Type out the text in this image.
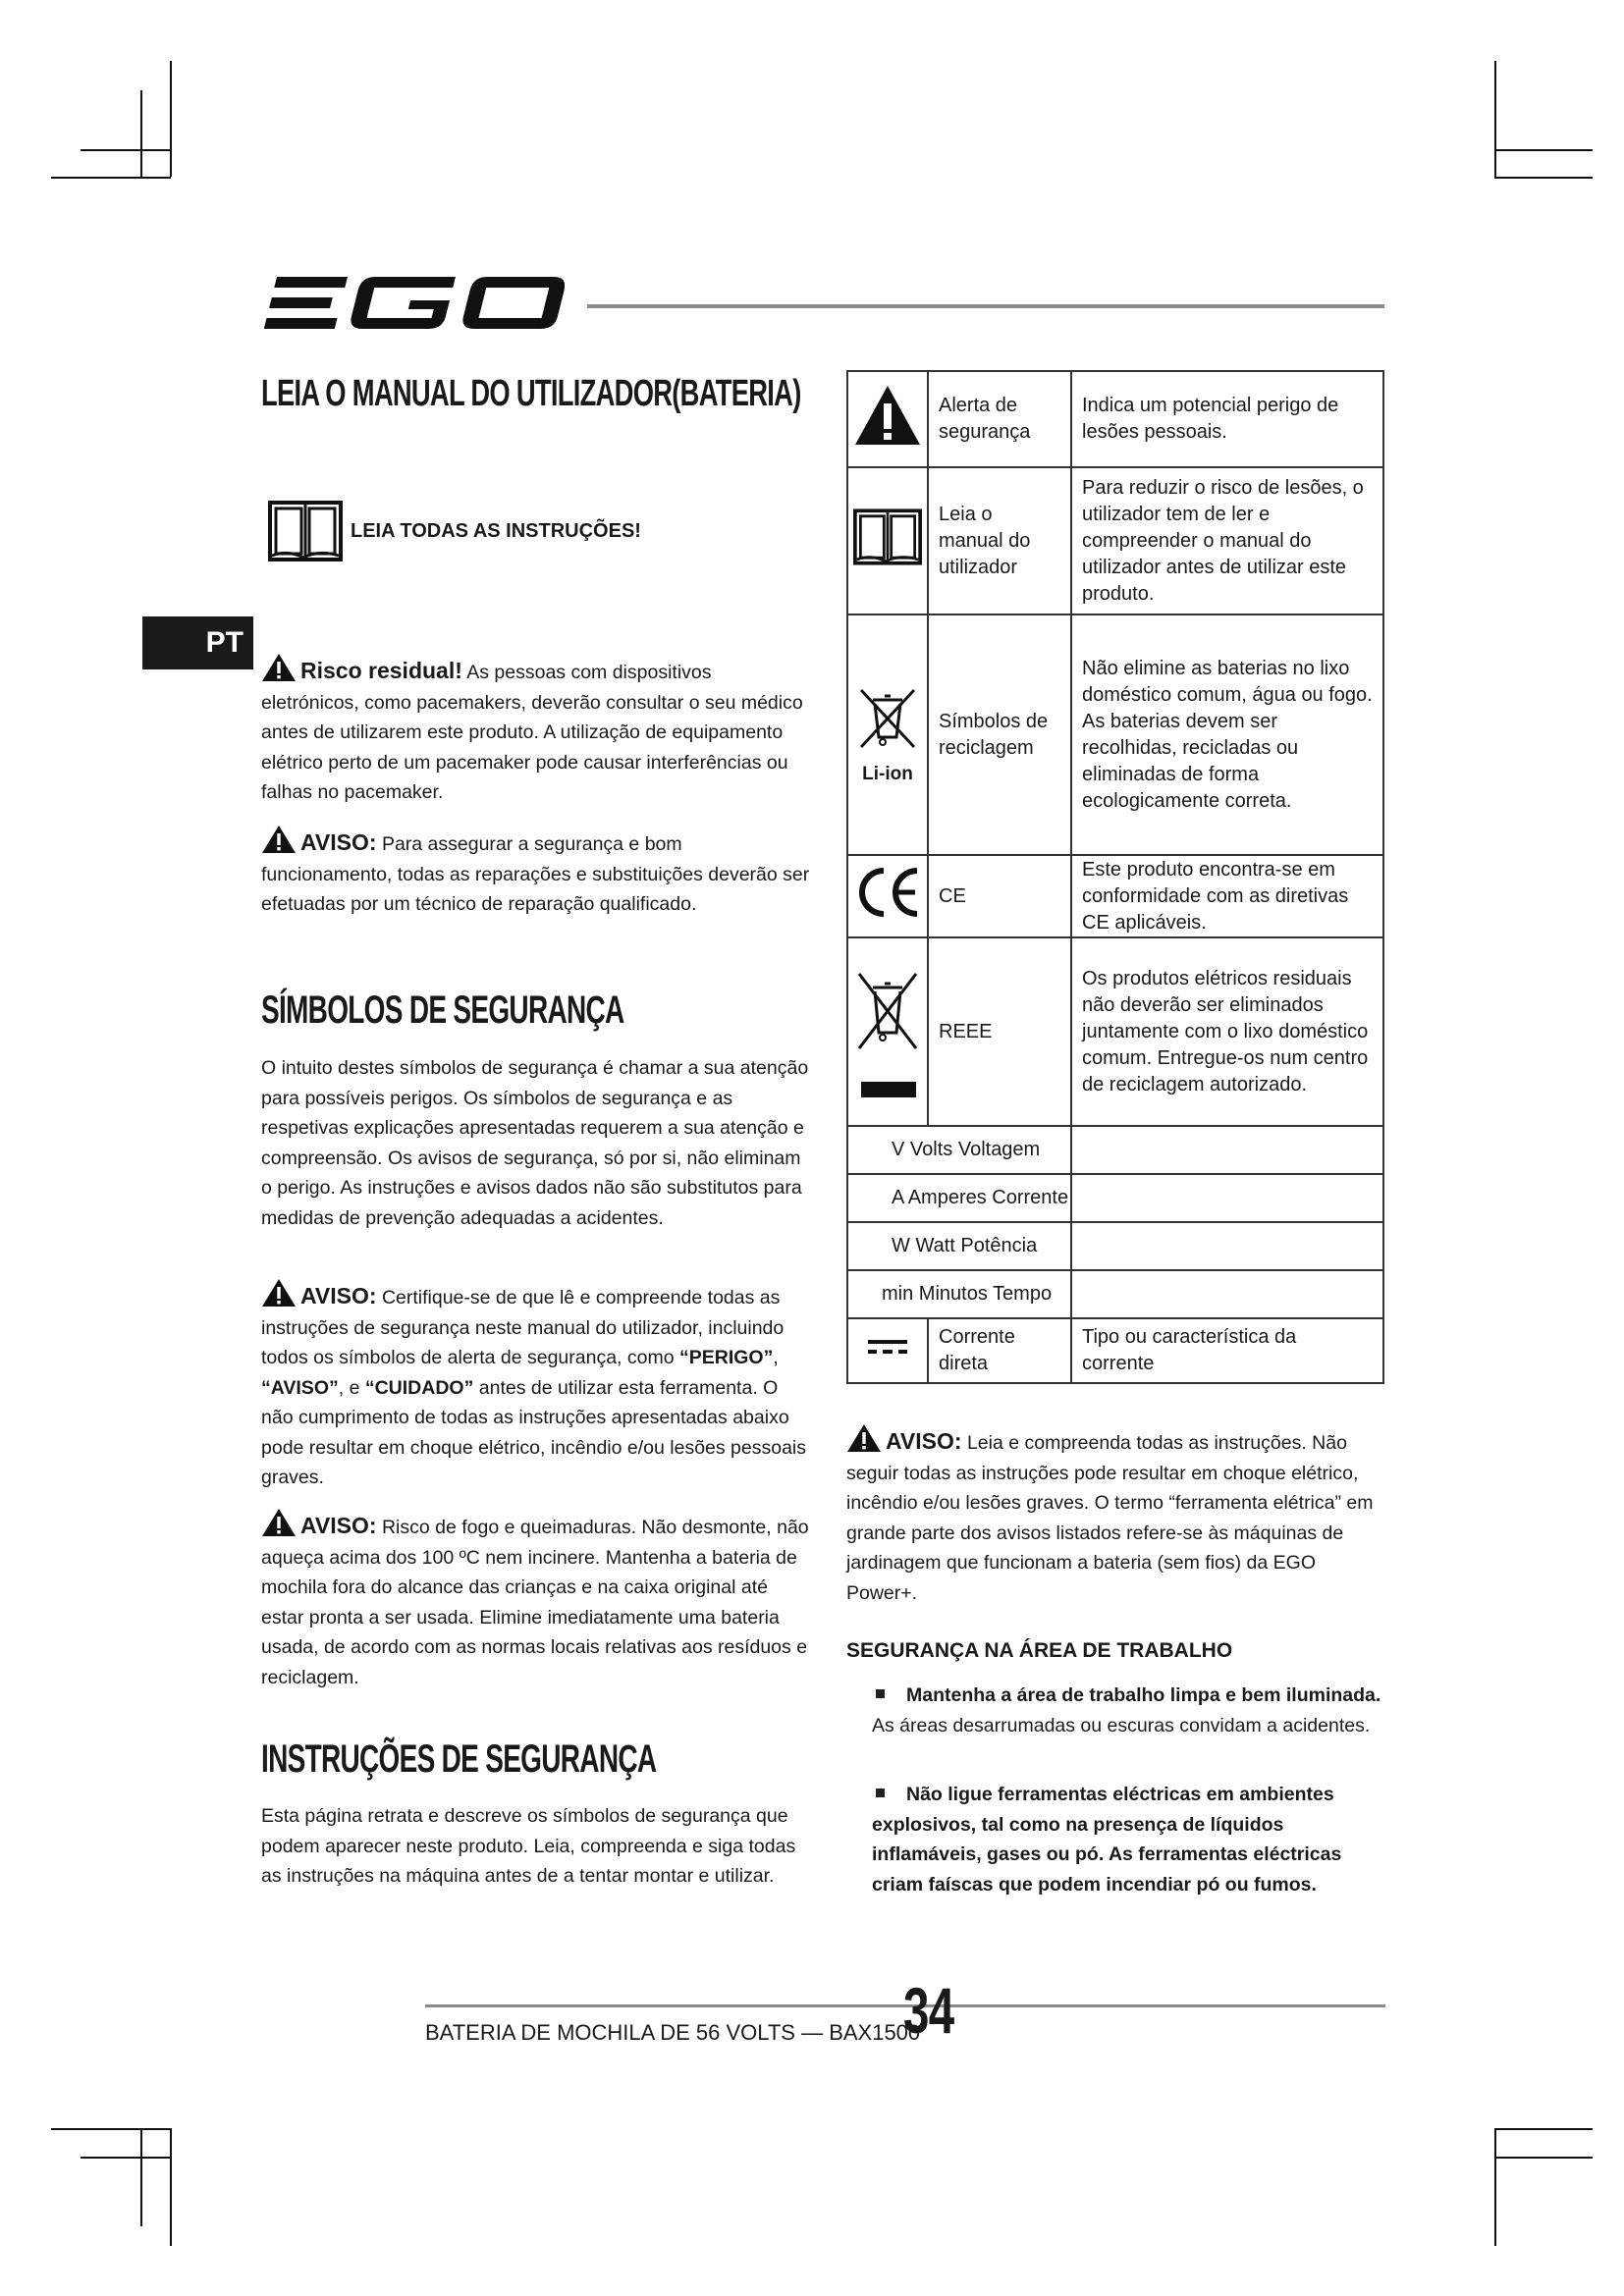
PT
LEIA O MANUAL DO UTILIZADOR(BATERIA)
LEIA TODAS AS INSTRUÇÕES!
Risco residual! As pessoas com dispositivos eletrónicos, como pacemakers, deverão consultar o seu médico antes de utilizarem este produto. A utilização de equipamento elétrico perto de um pacemaker pode causar interferências ou falhas no pacemaker.
AVISO: Para assegurar a segurança e bom funcionamento, todas as reparações e substituições deverão ser efetuadas por um técnico de reparação qualificado.
SÍMBOLOS DE SEGURANÇA
O intuito destes símbolos de segurança é chamar a sua atenção para possíveis perigos. Os símbolos de segurança e as respetivas explicações apresentadas requerem a sua atenção e compreensão. Os avisos de segurança, só por si, não eliminam o perigo. As instruções e avisos dados não são substitutos para medidas de prevenção adequadas a acidentes.
AVISO: Certifique-se de que lê e compreende todas as instruções de segurança neste manual do utilizador, incluindo todos os símbolos de alerta de segurança, como “PERIGO”, “AVISO”, e “CUIDADO” antes de utilizar esta ferramenta. O não cumprimento de todas as instruções apresentadas abaixo pode resultar em choque elétrico, incêndio e/ou lesões pessoais graves.
AVISO: Risco de fogo e queimaduras. Não desmonte, não aqueça acima dos 100 ºC nem incinere. Mantenha a bateria de mochila fora do alcance das crianças e na caixa original até estar pronta a ser usada. Elimine imediatamente uma bateria usada, de acordo com as normas locais relativas aos resíduos e reciclagem.
INSTRUÇÕES DE SEGURANÇA
Esta página retrata e descreve os símbolos de segurança que podem aparecer neste produto. Leia, compreenda e siga todas as instruções na máquina antes de a tentar montar e utilizar.
	Alerta de segurança	Indica um potencial perigo de lesões pessoais.
	Leia o manual do utilizador	Para reduzir o risco de lesões, o utilizador tem de ler e compreender o manual do utilizador antes de utilizar este produto.

Li-ion	Símbolos de reciclagem	Não elimine as baterias no lixo doméstico comum, água ou fogo. As baterias devem ser recolhidas, recicladas ou eliminadas de forma ecologicamente correta.
	CE	Este produto encontra-se em conformidade com as diretivas CE aplicáveis.
	REEE	Os produtos elétricos residuais não deverão ser eliminados juntamente com o lixo doméstico comum. Entregue-os num centro de reciclagem autorizado.
V Volts Voltagem		
A Amperes Corrente		
W Watt Potência		
min Minutos Tempo		
	Corrente direta	Tipo ou característica da corrente
AVISO: Leia e compreenda todas as instruções. Não seguir todas as instruções pode resultar em choque elétrico, incêndio e/ou lesões graves. O termo “ferramenta elétrica” em grande parte dos avisos listados refere-se às máquinas de jardinagem que funcionam a bateria (sem fios) da EGO Power+.
SEGURANÇA NA ÁREA DE TRABALHO
Mantenha a área de trabalho limpa e bem iluminada. As áreas desarrumadas ou escuras convidam a acidentes.
Não ligue ferramentas eléctricas em ambientes explosivos, tal como na presença de líquidos inflamáveis, gases ou pó. As ferramentas eléctricas criam faíscas que podem incendiar pó ou fumos.
BATERIA DE MOCHILA DE 56 VOLTS — BAX1500
34
